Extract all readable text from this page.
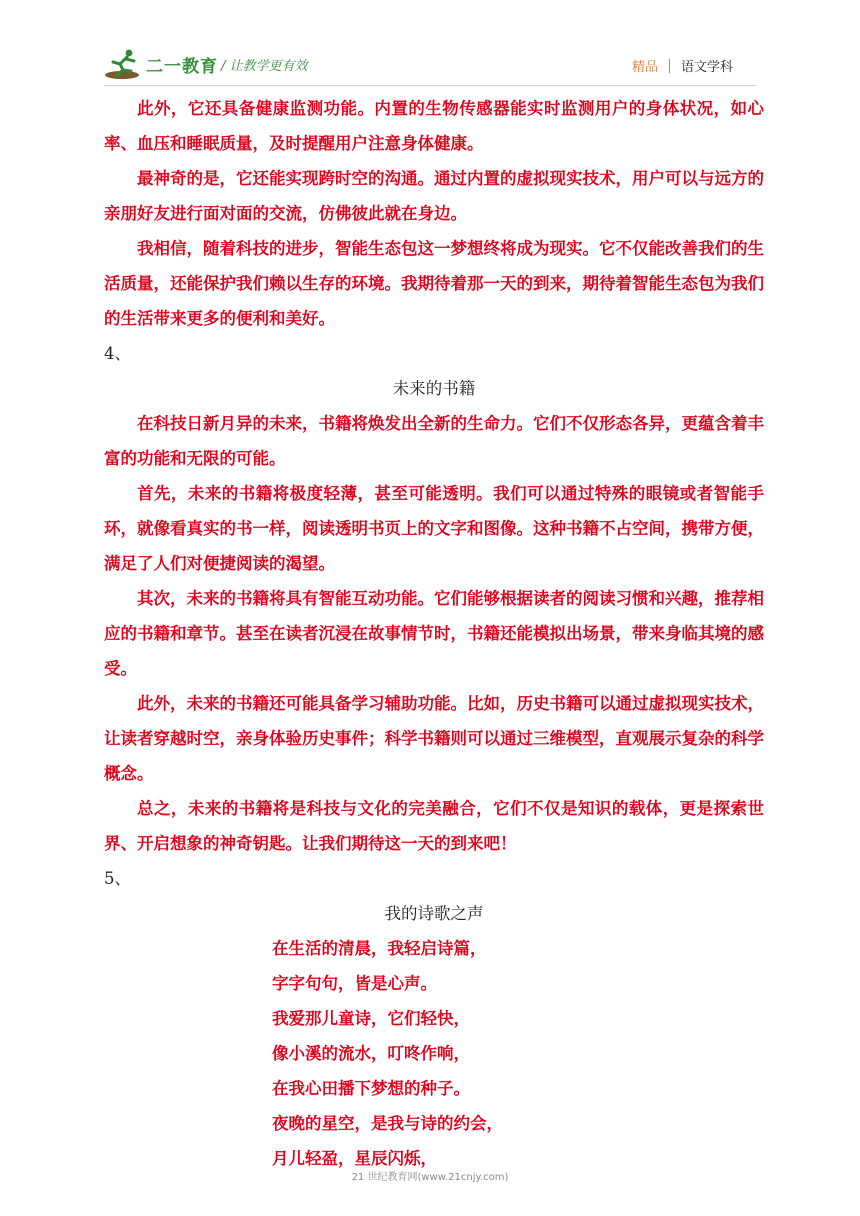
二一教育 / 让教学更有效	精品 语文学科

此外，它还具备健康监测功能。内置的生物传感器能实时监测用户的身体状况，如心率、血压和睡眠质量，及时提醒用户注意身体健康。

最神奇的是，它还能实现跨时空的沟通。通过内置的虚拟现实技术，用户可以与远方的亲朋好友进行面对面的交流，仿佛彼此就在身边。

我相信，随着科技的进步，智能生态包这一梦想终将成为现实。它不仅能改善我们的生活质量，还能保护我们赖以生存的环境。我期待着那一天的到来，期待着智能生态包为我们的生活带来更多的便利和美好。

4、
未来的书籍

在科技日新月异的未来，书籍将焕发出全新的生命力。它们不仅形态各异，更蕴含着丰富的功能和无限的可能。

首先，未来的书籍将极度轻薄，甚至可能透明。我们可以通过特殊的眼镜或者智能手环，就像看真实的书一样，阅读透明书页上的文字和图像。这种书籍不占空间，携带方便，满足了人们对便捷阅读的渴望。

其次，未来的书籍将具有智能互动功能。它们能够根据读者的阅读习惯和兴趣，推荐相应的书籍和章节。甚至在读者沉浸在故事情节时，书籍还能模拟出场景，带来身临其境的感受。

此外，未来的书籍还可能具备学习辅助功能。比如，历史书籍可以通过虚拟现实技术，让读者穿越时空，亲身体验历史事件；科学书籍则可以通过三维模型，直观展示复杂的科学概念。

总之，未来的书籍将是科技与文化的完美融合，它们不仅是知识的载体，更是探索世界、开启想象的神奇钥匙。让我们期待这一天的到来吧！

5、
我的诗歌之声
在生活的清晨，我轻启诗篇，
字字句句，皆是心声。
我爱那儿童诗，它们轻快，
像小溪的流水，叮咚作响，
在我心田播下梦想的种子。
夜晚的星空，是我与诗的约会，
月儿轻盈，星辰闪烁，
21 世纪教育网(www.21cnjy.com)
